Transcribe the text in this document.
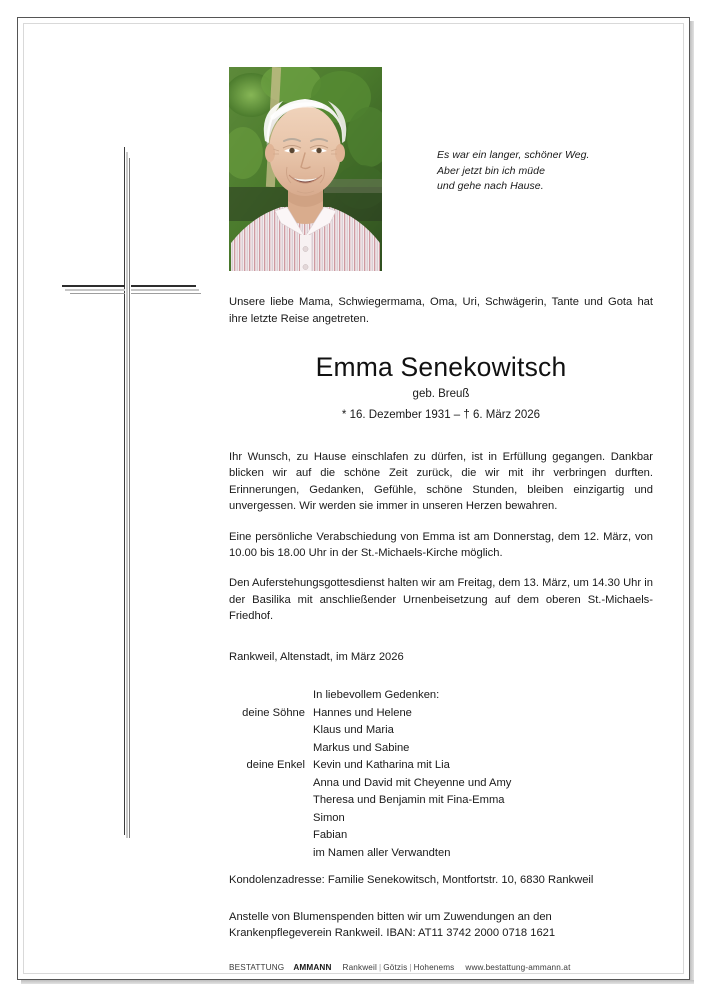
Es war ein langer, schöner Weg.
Aber jetzt bin ich müde
und gehe nach Hause.
Unsere liebe Mama, Schwiegermama, Oma, Uri, Schwägerin, Tante und Gota hat ihre letzte Reise angetreten.
Emma Senekowitsch
geb. Breuß
* 16. Dezember 1931 – † 6. März 2026

Ihr Wunsch, zu Hause einschlafen zu dürfen, ist in Erfüllung gegangen. Dankbar blicken wir auf die schöne Zeit zurück, die wir mit ihr verbringen durften. Erinnerungen, Gedanken, Gefühle, schöne Stunden, bleiben einzigartig und unvergessen. Wir werden sie immer in unseren Herzen bewahren.

Eine persönliche Verabschiedung von Emma ist am Donnerstag, dem 12. März, von 10.00 bis 18.00 Uhr in der St.-Michaels-Kirche möglich.

Den Auferstehungsgottesdienst halten wir am Freitag, dem 13. März, um 14.30 Uhr in der Basilika mit anschließender Urnenbeisetzung auf dem oberen St.-Michaels-Friedhof.

Rankweil, Altenstadt, im März 2026
In liebevollem Gedenken:
deine Söhne Hannes und Helene
Klaus und Maria
Markus und Sabine
deine Enkel Kevin und Katharina mit Lia
Anna und David mit Cheyenne und Amy
Theresa und Benjamin mit Fina-Emma
Simon
Fabian
im Namen aller Verwandten
Kondolenzadresse: Familie Senekowitsch, Montfortstr. 10, 6830 Rankweil
Anstelle von Blumenspenden bitten wir um Zuwendungen an den
Krankenpflegeverein Rankweil. IBAN: AT11 3742 2000 0718 1621
BESTATTUNG AMMANN Rankweil | Götzis | Hohenems www.bestattung-ammann.at
